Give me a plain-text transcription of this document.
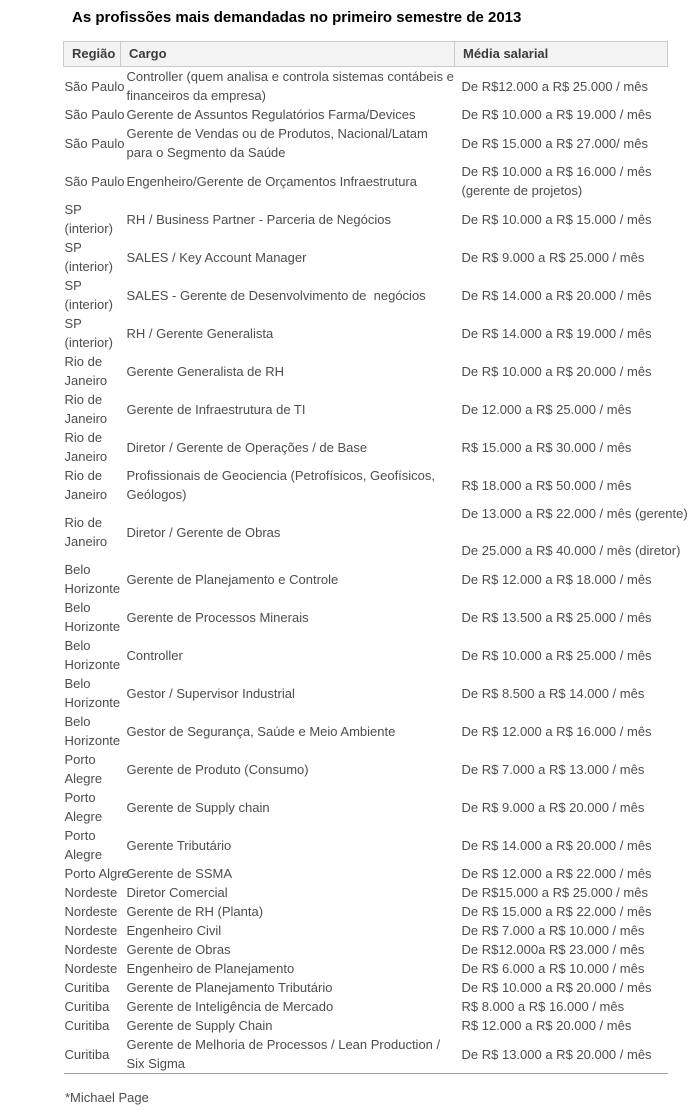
As profissões mais demandadas no primeiro semestre de 2013
Região	Cargo	Média salarial
São Paulo	Controller (quem analisa e controla sistemas contábeis e financeiros da empresa)	De R$12.000 a R$ 25.000 / mês

São Paulo	Gerente de Assuntos Regulatórios Farma/Devices	De R$ 10.000 a R$ 19.000 / mês

São Paulo	Gerente de Vendas ou de Produtos, Nacional/Latam para o Segmento da Saúde	De R$ 15.000 a R$ 27.000/ mês

São Paulo	Engenheiro/Gerente de Orçamentos Infraestrutura	De R$ 10.000 a R$ 16.000 / mês
(gerente de projetos)

SP (interior)	RH / Business Partner - Parceria de Negócios	De R$ 10.000 a R$ 15.000 / mês

SP (interior)	SALES / Key Account Manager	De R$ 9.000 a R$ 25.000 / mês

SP (interior)	SALES - Gerente de Desenvolvimento de  negócios	De R$ 14.000 a R$ 20.000 / mês

SP (interior)	RH / Gerente Generalista	De R$ 14.000 a R$ 19.000 / mês

Rio de Janeiro	Gerente Generalista de RH	De R$ 10.000 a R$ 20.000 / mês

Rio de Janeiro	Gerente de Infraestrutura de TI	De 12.000 a R$ 25.000 / mês

Rio de Janeiro	Diretor / Gerente de Operações / de Base	R$ 15.000 a R$ 30.000 / mês

Rio de Janeiro	Profissionais de Geociencia (Petrofísicos, Geofísicos, Geólogos)	R$ 18.000 a R$ 50.000 / mês

Rio de Janeiro	Diretor / Gerente de Obras	De 13.000 a R$ 22.000 / mês (gerente)
De 25.000 a R$ 40.000 / mês (diretor)

Belo Horizonte	Gerente de Planejamento e Controle	De R$ 12.000 a R$ 18.000 / mês

Belo Horizonte	Gerente de Processos Minerais	De R$ 13.500 a R$ 25.000 / mês

Belo Horizonte	Controller	De R$ 10.000 a R$ 25.000 / mês

Belo Horizonte	Gestor / Supervisor Industrial	De R$ 8.500 a R$ 14.000 / mês

Belo Horizonte	Gestor de Segurança, Saúde e Meio Ambiente	De R$ 12.000 a R$ 16.000 / mês

Porto Alegre	Gerente de Produto (Consumo)	De R$ 7.000 a R$ 13.000 / mês

Porto Alegre	Gerente de Supply chain	De R$ 9.000 a R$ 20.000 / mês

Porto Alegre	Gerente Tributário	De R$ 14.000 a R$ 20.000 / mês

Porto Algre	Gerente de SSMA	De R$ 12.000 a R$ 22.000 / mês

Nordeste	Diretor Comercial	De R$15.000 a R$ 25.000 / mês

Nordeste	Gerente de RH (Planta)	De R$ 15.000 a R$ 22.000 / mês

Nordeste	Engenheiro Civil	De R$ 7.000 a R$ 10.000 / mês

Nordeste	Gerente de Obras	De R$12.000a R$ 23.000 / mês

Nordeste	Engenheiro de Planejamento	De R$ 6.000 a R$ 10.000 / mês

Curitiba	Gerente de Planejamento Tributário	De R$ 10.000 a R$ 20.000 / mês

Curitiba	Gerente de Inteligência de Mercado	R$ 8.000 a R$ 16.000 / mês

Curitiba	Gerente de Supply Chain	R$ 12.000 a R$ 20.000 / mês

Curitiba	Gerente de Melhoria de Processos / Lean Production / Six Sigma	De R$ 13.000 a R$ 20.000 / mês
*Michael Page
